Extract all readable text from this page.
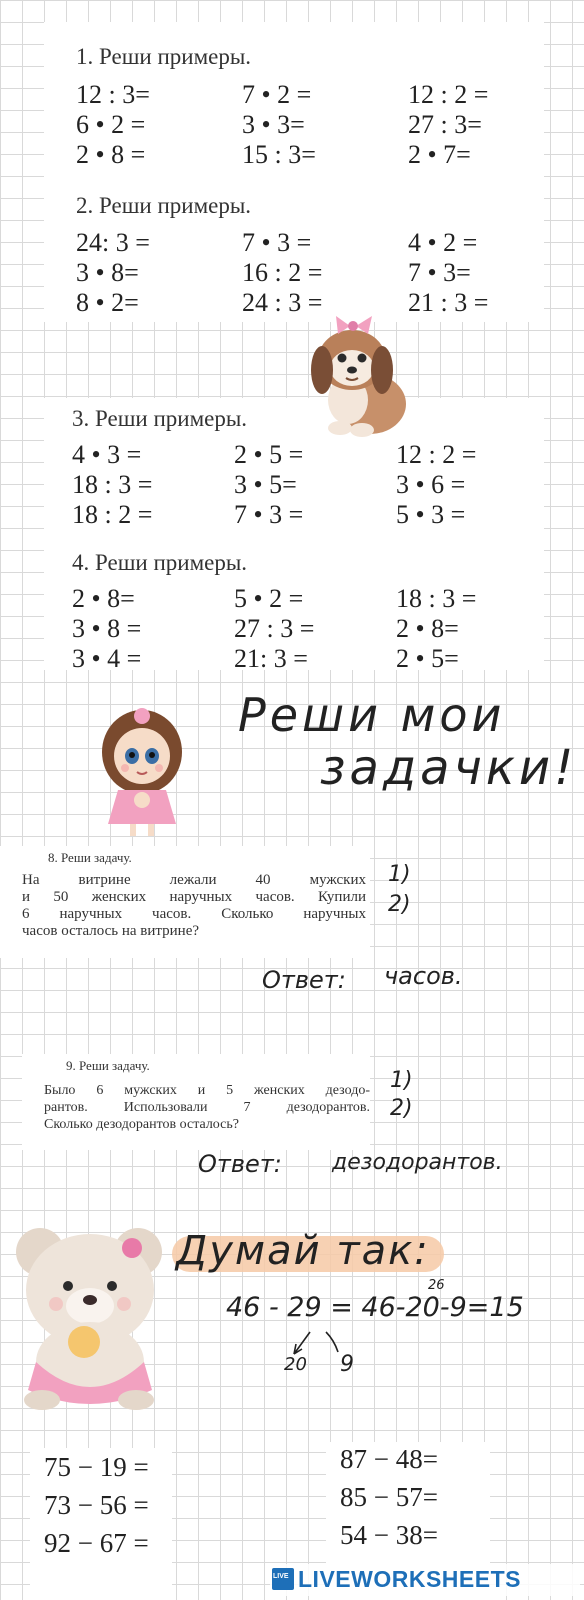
1. Реши примеры.
12 : 3=	7 • 2 =	12 : 2 =
6 • 2 =	3 • 3=	27 : 3=
2 • 8 =	15 : 3=	2 • 7=
2. Реши примеры.
24: 3 =	7 • 3 =	4 • 2 =
3 • 8=	16 : 2 =	7 • 3=
8 • 2=	24 : 3 =	21 : 3 =
3. Реши примеры.
4 • 3 =	2 • 5 =	12 : 2 =
18 : 3 =	3 • 5=	3 • 6 =
18 : 2 =	7 • 3 =	5 • 3 =
4. Реши примеры.
2 • 8=	5 • 2 =	18 : 3 =
3 • 8 =	27 : 3 =	2 • 8=
3 • 4 =	21: 3 =	2 • 5=
Реши мои
задачки!
8. Реши задачу.
На витрине лежали 40 мужских
и 50 женских наручных часов. Купили
6 наручных часов. Сколько наручных
часов осталось на витрине?
1)
2)
Ответ: часов.
9. Реши задачу.
Было 6 мужских и 5 женских дезодо-
рантов. Использовали 7 дезодорантов.
Сколько дезодорантов осталось?
1)
2)
Ответ: дезодорантов.
Думай так:
26
46 - 29 = 46-20-9=15
20 9
75 − 19 =
73 − 56 =
92 − 67 =
87 − 48=
85 − 57=
54 − 38=
LIVE LIVEWORKSHEETS
